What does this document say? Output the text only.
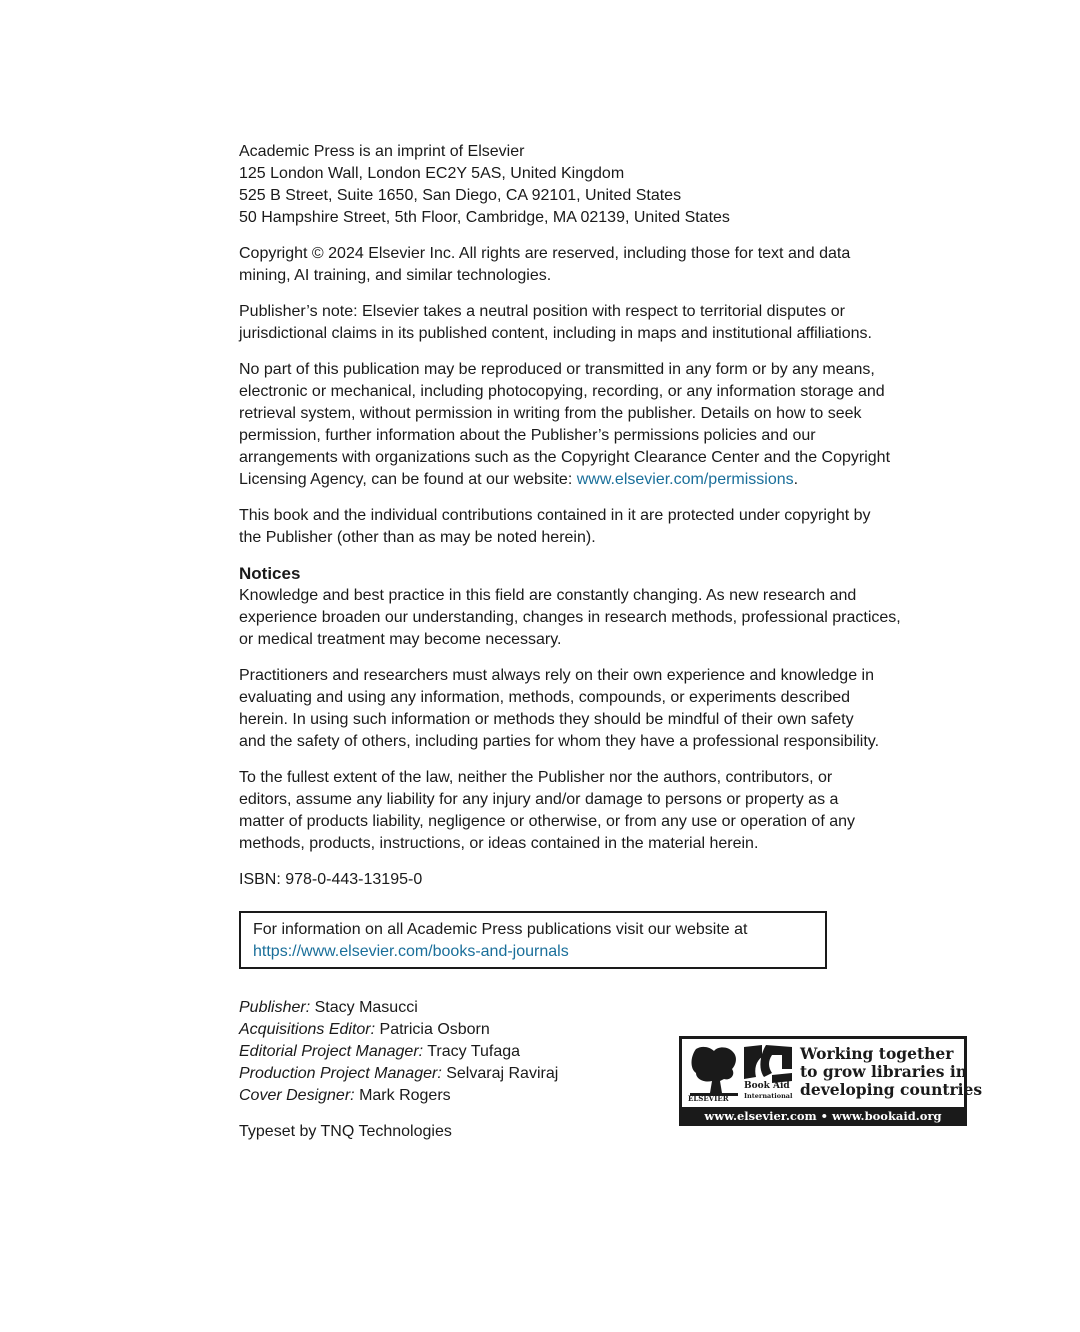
Academic Press is an imprint of Elsevier
125 London Wall, London EC2Y 5AS, United Kingdom
525 B Street, Suite 1650, San Diego, CA 92101, United States
50 Hampshire Street, 5th Floor, Cambridge, MA 02139, United States
Copyright © 2024 Elsevier Inc. All rights are reserved, including those for text and data
mining, AI training, and similar technologies.
Publisher’s note: Elsevier takes a neutral position with respect to territorial disputes or
jurisdictional claims in its published content, including in maps and institutional affiliations.
No part of this publication may be reproduced or transmitted in any form or by any means,
electronic or mechanical, including photocopying, recording, or any information storage and
retrieval system, without permission in writing from the publisher. Details on how to seek
permission, further information about the Publisher’s permissions policies and our
arrangements with organizations such as the Copyright Clearance Center and the Copyright
Licensing Agency, can be found at our website: www.elsevier.com/permissions.
This book and the individual contributions contained in it are protected under copyright by
the Publisher (other than as may be noted herein).
Notices
Knowledge and best practice in this field are constantly changing. As new research and
experience broaden our understanding, changes in research methods, professional practices,
or medical treatment may become necessary.
Practitioners and researchers must always rely on their own experience and knowledge in
evaluating and using any information, methods, compounds, or experiments described
herein. In using such information or methods they should be mindful of their own safety
and the safety of others, including parties for whom they have a professional responsibility.
To the fullest extent of the law, neither the Publisher nor the authors, contributors, or
editors, assume any liability for any injury and/or damage to persons or property as a
matter of products liability, negligence or otherwise, or from any use or operation of any
methods, products, instructions, or ideas contained in the material herein.
ISBN: 978-0-443-13195-0
For information on all Academic Press publications visit our website at
https://www.elsevier.com/books-and-journals
Publisher: Stacy Masucci
Acquisitions Editor: Patricia Osborn
Editorial Project Manager: Tracy Tufaga
Production Project Manager: Selvaraj Raviraj
Cover Designer: Mark Rogers
Typeset by TNQ Technologies
ELSEVIER
Book Aid
International
Working together
to grow libraries in
developing countries
www.elsevier.com • www.bookaid.org
